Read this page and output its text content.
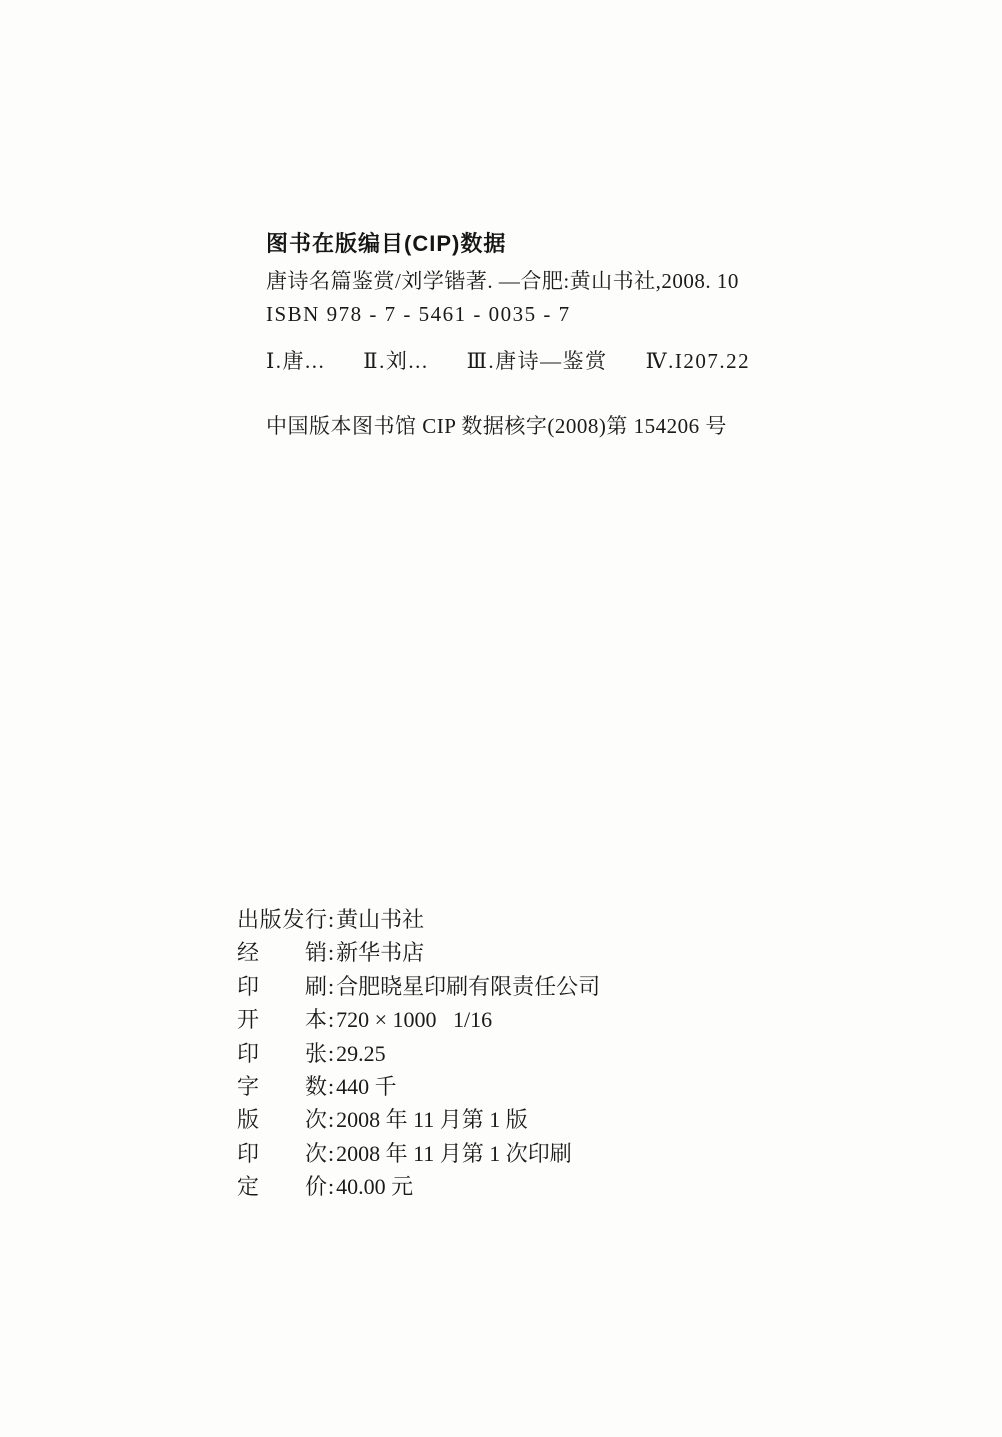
图书在版编目(CIP)数据
唐诗名篇鉴赏/刘学锴著. —合肥:黄山书社,2008. 10
ISBN 978 - 7 - 5461 - 0035 - 7
Ⅰ.唐... Ⅱ.刘... Ⅲ.唐诗—鉴赏 Ⅳ.I207.22
中国版本图书馆 CIP 数据核字(2008)第 154206 号
出版发行 : 黄山书社
经销 : 新华书店
印刷 : 合肥晓星印刷有限责任公司
开本 : 720 × 1000   1/16
印张 : 29.25
字数 : 440 千
版次 : 2008 年 11 月第 1 版
印次 : 2008 年 11 月第 1 次印刷
定价 : 40.00 元
